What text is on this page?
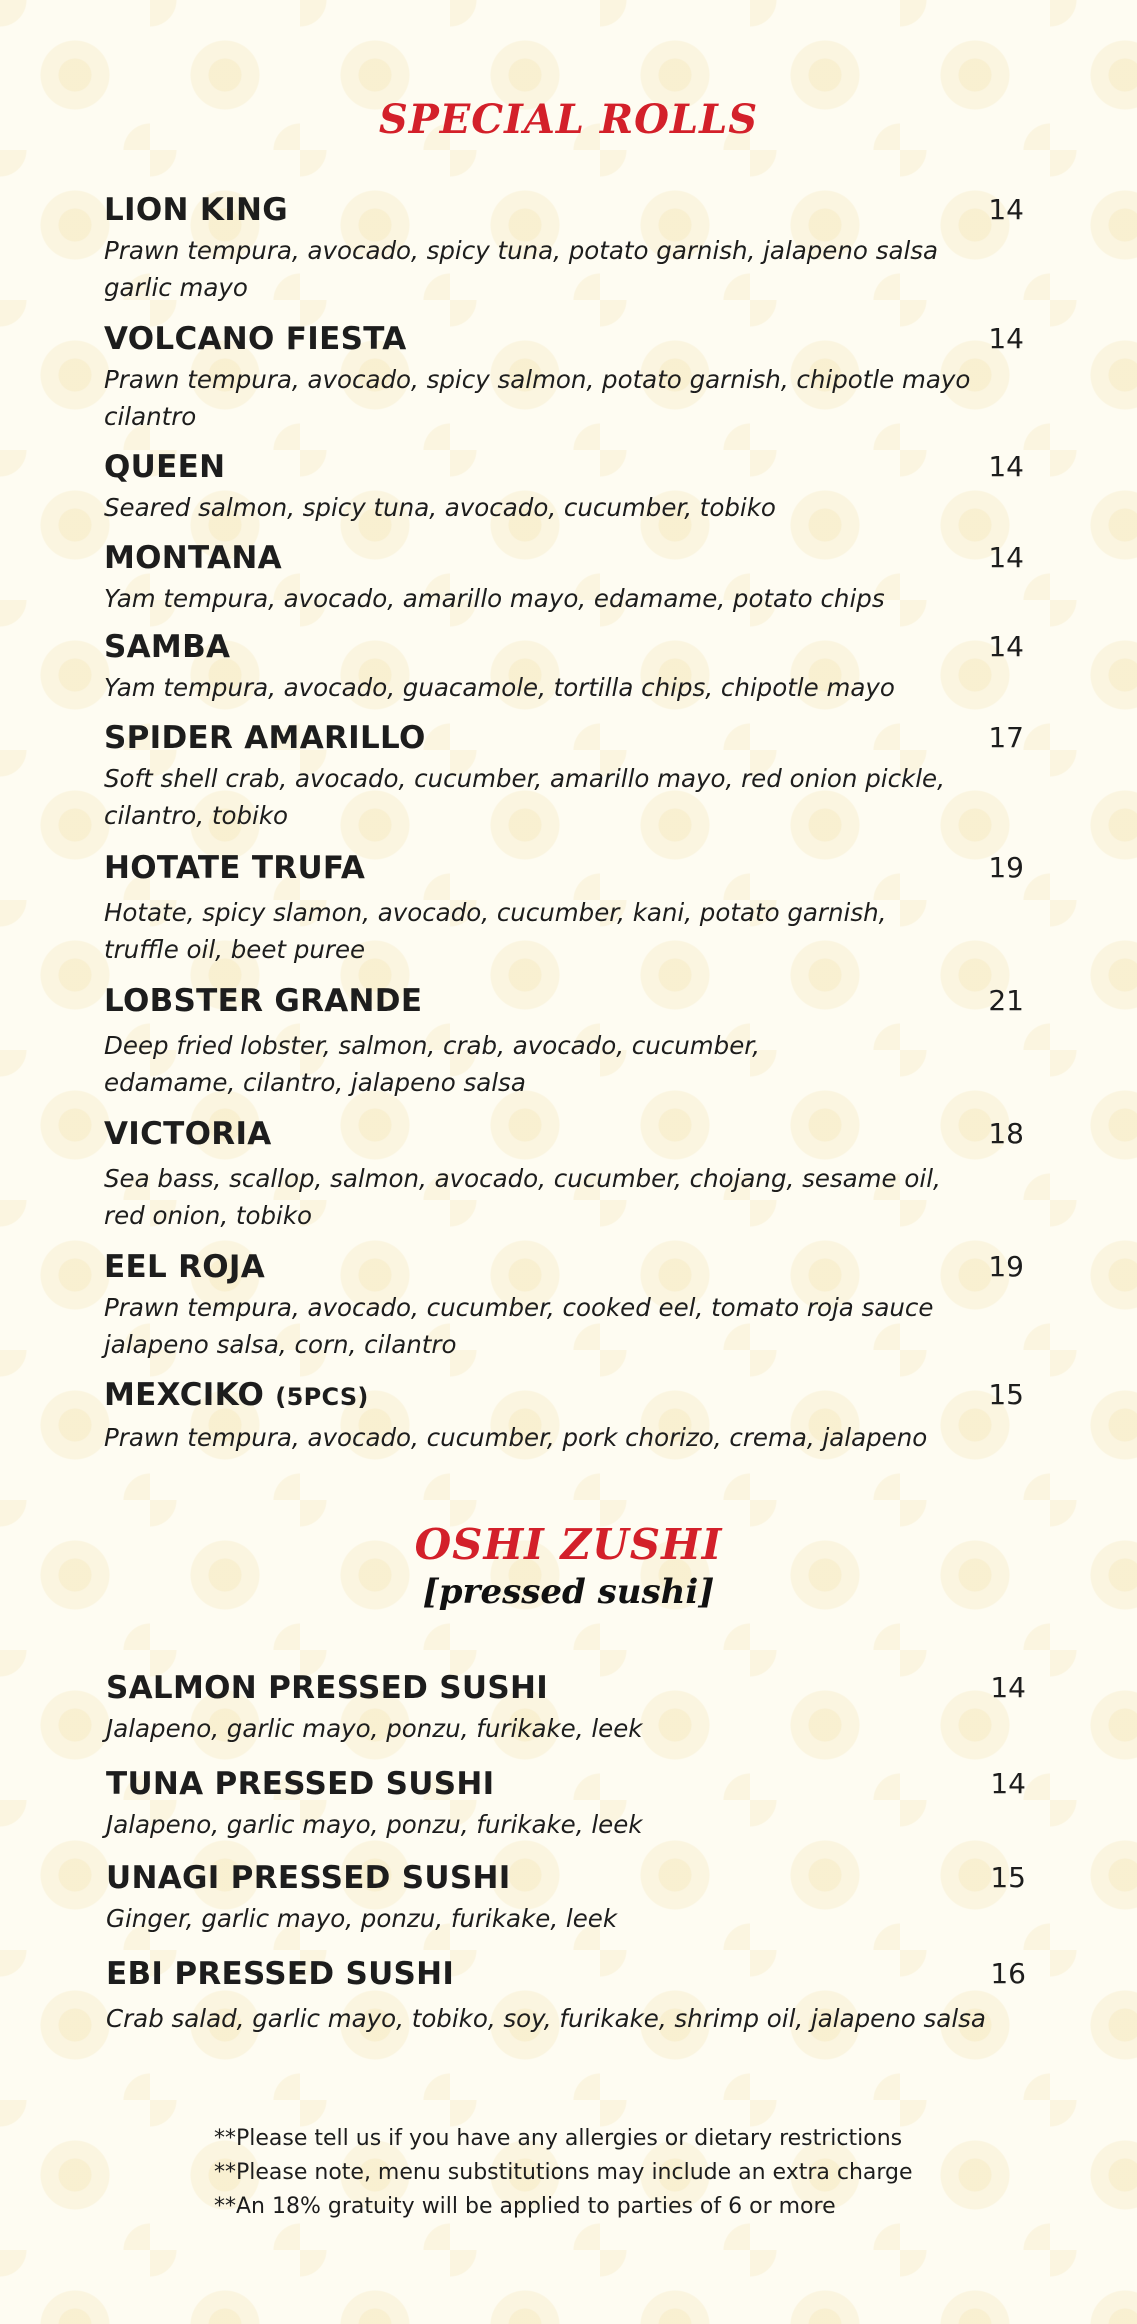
SPECIAL ROLLS
LION KING	14
Prawn tempura, avocado, spicy tuna, potato garnish, jalapeno salsa
garlic mayo
VOLCANO FIESTA	14
Prawn tempura, avocado, spicy salmon, potato garnish, chipotle mayo
cilantro
QUEEN	14
Seared salmon, spicy tuna, avocado, cucumber, tobiko
MONTANA	14
Yam tempura, avocado, amarillo mayo, edamame, potato chips
SAMBA	14
Yam tempura, avocado, guacamole, tortilla chips, chipotle mayo
SPIDER AMARILLO	17
Soft shell crab, avocado, cucumber, amarillo mayo, red onion pickle,
cilantro, tobiko
HOTATE TRUFA	19
Hotate, spicy slamon, avocado, cucumber, kani, potato garnish,
truffle oil, beet puree
LOBSTER GRANDE	21
Deep fried lobster, salmon, crab, avocado, cucumber,
edamame, cilantro, jalapeno salsa
VICTORIA	18
Sea bass, scallop, salmon, avocado, cucumber, chojang, sesame oil,
red onion, tobiko
EEL ROJA	19
Prawn tempura, avocado, cucumber, cooked eel, tomato roja sauce
jalapeno salsa, corn, cilantro
MEXCIKO (5PCS)	15
Prawn tempura, avocado, cucumber, pork chorizo, crema, jalapeno
OSHI ZUSHI
[pressed sushi]
SALMON PRESSED SUSHI	14
Jalapeno, garlic mayo, ponzu, furikake, leek
TUNA PRESSED SUSHI	14
Jalapeno, garlic mayo, ponzu, furikake, leek
UNAGI PRESSED SUSHI	15
Ginger, garlic mayo, ponzu, furikake, leek
EBI PRESSED SUSHI	16
Crab salad, garlic mayo, tobiko, soy, furikake, shrimp oil, jalapeno salsa
**Please tell us if you have any allergies or dietary restrictions
**Please note, menu substitutions may include an extra charge
**An 18% gratuity will be applied to parties of 6 or more
